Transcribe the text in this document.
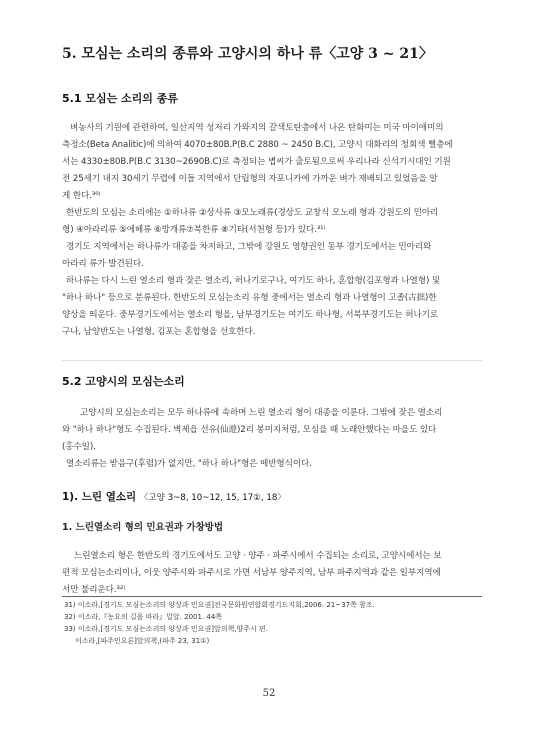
5. 모심는 소리의 종류와 고양시의 하나 류〈고양 3 ~ 21〉
5.1 모심는 소리의 종류

벼농사의 기원에 관련하여, 일산지역 성저리 가와지의 갈색토탄층에서 나온 탄화미는 미국 마이애미의

측정소(Beta Analitic)에 의하여 4070±80B.P(B.C 2880 ~ 2450 B.C), 고양시 대화리의 청회색 뻘층에

서는 4330±80B.P(B.C 3130~2690B.C)로 측정되는 볍씨가 출토됨으로써 우리나라 신석기시대인 기원

전 25세기 내지 30세기 무렵에 이들 지역에서 단립형의 자포니카에 가까운 벼가 재배되고 있었음을 알

게 한다.³⁰⁾

한반도의 모심는 소리에는 ①하나류 ②상사류 ③모노래류(경상도 교창식 모노래 형과 강원도의 민아리

형) ④아라리류 ⑤에헤류 ⑥방개류⑦북한류 ⑧기타(서천형 등)가 있다.³¹⁾

경기도 지역에서는 하나류가 대종을 차지하고, 그밖에 강원도 영향권인 동부 경기도에서는 민아리와

아라리 류가 발견된다.

하나류는 다시 느린 열소리 형과 잦은 열소리, 허나기로구나, 여기도 하나, 혼합형(김포형과 나열형) 및

"하나 하나" 등으로 분류된다. 한반도의 모심는소리 유형 중에서는 열소리 형과 나열형이 고졸(古拙)한

양상을 띄운다. 중부경기도에서는 열소리 형을, 남부경기도는 여기도 하나형, 서북부경기도는 허나기로

구나, 남양반도는 나열형, 김포는 혼합형을 선호한다.

5.2 고양시의 모심는소리

고양시의 모심는소리는 모두 하나류에 속하며 느린 열소리 형이 대종을 이룬다. 그밖에 잦은 열소리

와 "하나 하나"형도 수집된다. 벽제읍 선유(仙遊)2리 봉미지처럼, 모심을 때 노래안했다는 마을도 있다

(홍수일).

열소리류는 받음구(후렴)가 없지만, "하나 하나"형은 메반형식이다.

1). 느린 열소리 〈고양 3~8, 10~12, 15, 17①, 18〉
1. 느린열소리 형의 민요권과 가창방법

느린열소리 형은 한반도의 경기도에서도 고양 · 양주 · 파주시에서 수집되는 소리로, 고양시에서는 보

편적 모심는소리이나, 이웃 양주시와 파주시로 가면 서남부 양주지역, 남부 파주지역과 같은 일부지역에

서만 불리운다.³²⁾

31) 이소라,[경기도 모심는소리의 양상과 민요권]전국문화원연합회경기도지회,2006. 21~37쪽 참조.

32) 이소라,『농요의 길을 따라』밀알. 2001. 44쪽

33) 이소라,[경기도 모심는소리의 양상과 민요권]앞의책,양주시 편.

이소라,[파주민요론]앞의책,(파주 23, 31①)

52
